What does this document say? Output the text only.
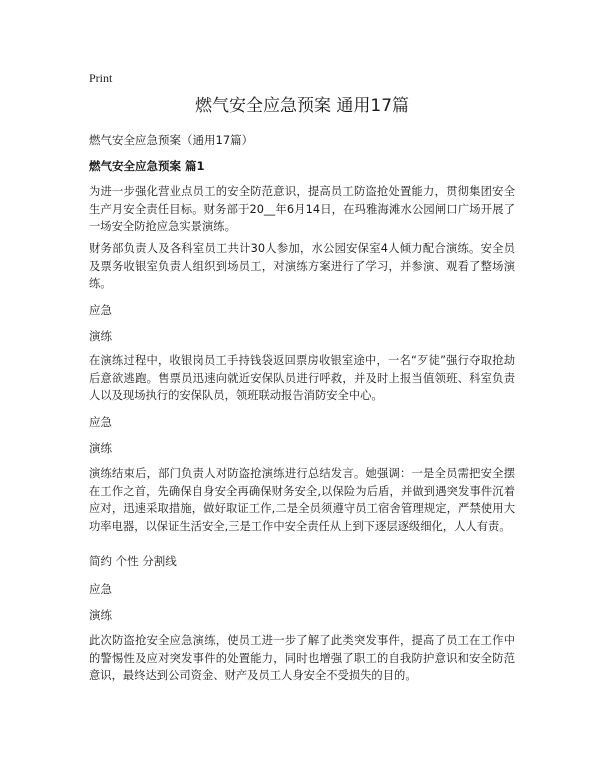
Print
燃气安全应急预案 通用17篇
燃气安全应急预案（通用17篇）
燃气安全应急预案 篇1

为进一步强化营业点员工的安全防范意识，提高员工防盗抢处置能力，贯彻集团安全生产月安全责任目标。财务部于20__年6月14日，在玛雅海滩水公园闸口广场开展了一场安全防抢应急实景演练。

财务部负责人及各科室员工共计30人参加，水公园安保室4人倾力配合演练。安全员及票务收银室负责人组织到场员工，对演练方案进行了学习，并参演、观看了整场演练。

应急

演练

在演练过程中，收银岗员工手持钱袋返回票房收银室途中，一名“歹徒”强行夺取抢劫后意欲逃跑。售票员迅速向就近安保队员进行呼救，并及时上报当值领班、科室负责人以及现场执行的安保队员，领班联动报告消防安全中心。

应急

演练

演练结束后，部门负责人对防盗抢演练进行总结发言。她强调：一是全员需把安全摆在工作之首，先确保自身安全再确保财务安全,以保险为后盾，并做到遇突发事件沉着应对，迅速采取措施，做好取证工作,二是全员须遵守员工宿舍管理规定，严禁使用大功率电器，以保证生活安全,三是工作中安全责任从上到下逐层逐级细化，人人有责。

简约 个性 分割线

应急

演练

此次防盗抢安全应急演练，使员工进一步了解了此类突发事件，提高了员工在工作中的警惕性及应对突发事件的处置能力，同时也增强了职工的自我防护意识和安全防范意识，最终达到公司资金、财产及员工人身安全不受损失的目的。
